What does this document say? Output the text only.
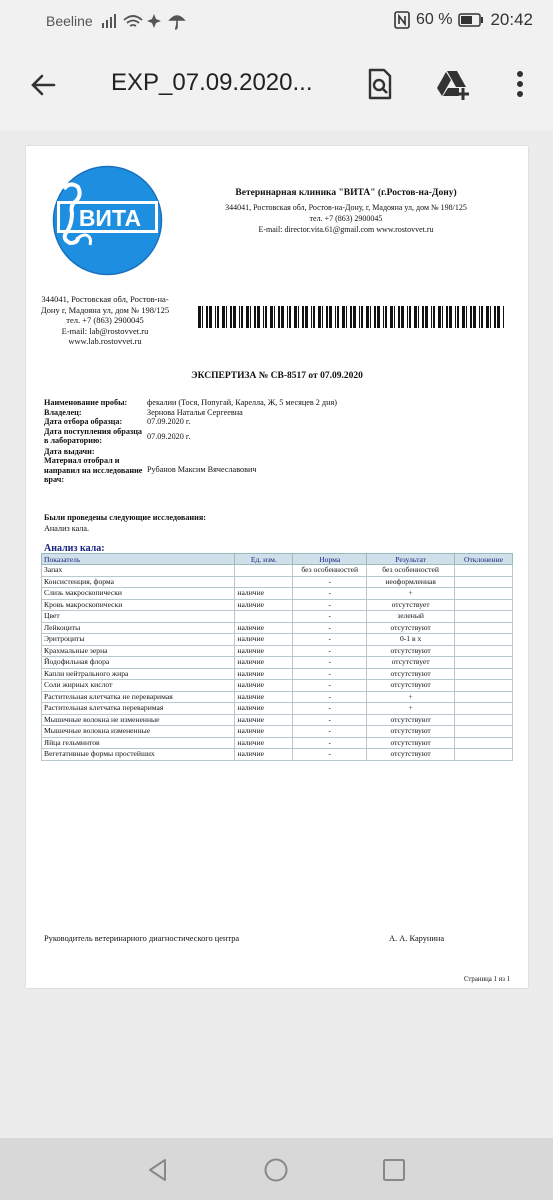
Beeline	60 % 20:42
EXP_07.09.2020...
ВИТА
Ветеринарная клиника "ВИТА" (г.Ростов-на-Дону)
344041, Ростовская обл, Ростов-на-Дону, г, Мадояна ул, дом № 198/125
тел. +7 (863) 2900045
E-mail: director.vita.61@gmail.com www.rostovvet.ru
344041, Ростовская обл, Ростов-на-Дону г, Мадояна ул, дом № 198/125
тел. +7 (863) 2900045
E-mail: lab@rostovvet.ru
www.lab.rostovvet.ru
ЭКСПЕРТИЗА № СВ-8517 от 07.09.2020
Наименование пробы:	фекалии (Тося, Попугай, Карелла, Ж, 5 месяцев 2 дня)
Владелец:	Зернова Наталья Сергеевна
Дата отбора образца:	07.09.2020 г.
Дата поступления образца в лабораторию:	07.09.2020 г.
Дата выдачи:
Материал отобрал и направил на исследование врач:
Рубанов Максим Вячеславович
Были проведены следующие исследования:
Анализ кала.
Анализ кала:
Показатель	Ед. изм.	Норма	Результат	Отклонение
Запах		без особенностей	без особенностей	
Консистенция, форма		-	неоформленная	
Слизь макроскопически	наличие	-	+	
Кровь макроскопически	наличие	-	отсутствует	
Цвет		-	зеленый	
Лейкоциты	наличие	-	отсутствуют	
Эритроциты	наличие	-	0-1 в х	
Крахмальные зерна	наличие	-	отсутствуют	
Йодофильная флора	наличие	-	отсутствует	
Капли нейтрального жира	наличие	-	отсутствуют	
Соли жирных кислот	наличие	-	отсутствуют	
Растительная клетчатка не переваримая	наличие	-	+	
Растительная клетчатка переваримая	наличие	-	+	
Мышечные волокна не измененные	наличие	-	отсутствуют	
Мышечные волокна измененные	наличие	-	отсутствуют	
Яйца гельминтов	наличие	-	отсутствуют	
Вегетативные формы простейших	наличие	-	отсутствуют	
Руководитель ветеринарного диагностического центра	А. А. Карунина
Страница 1 из 1
